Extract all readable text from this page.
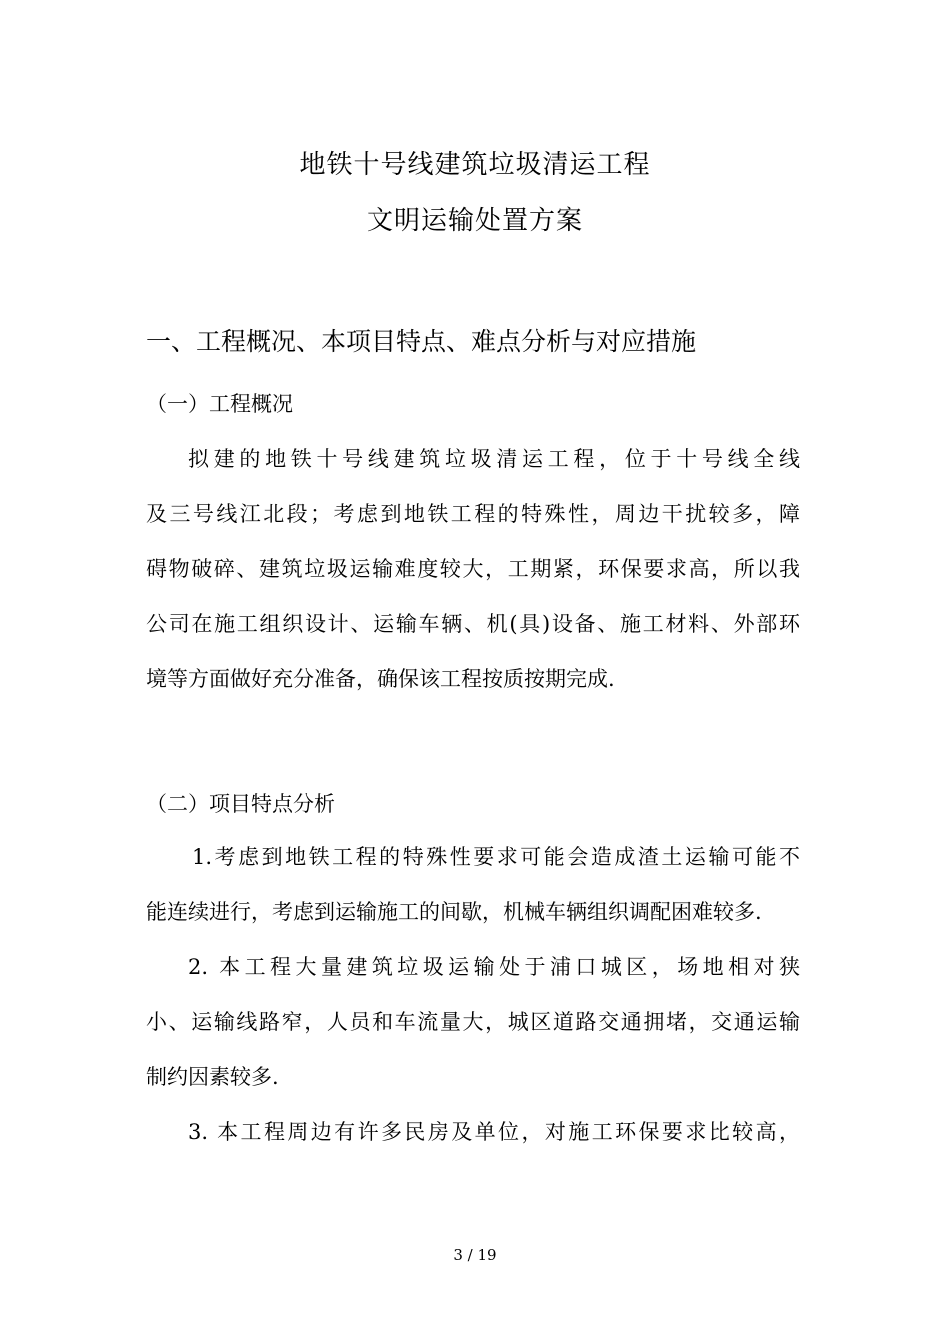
地铁十号线建筑垃圾清运工程
文明运输处置方案
一、工程概况、本项目特点、难点分析与对应措施
（一）工程概况
拟建的地铁十号线建筑垃圾清运工程，位于十号线全线
及三号线江北段；考虑到地铁工程的特殊性，周边干扰较多，障
碍物破碎、建筑垃圾运输难度较大，工期紧，环保要求高，所以我
公司在施工组织设计、运输车辆、机(具)设备、施工材料、外部环
境等方面做好充分准备，确保该工程按质按期完成.
（二）项目特点分析
1.考虑到地铁工程的特殊性要求可能会造成渣土运输可能不
能连续进行，考虑到运输施工的间歇，机械车辆组织调配困难较多.
2. 本工程大量建筑垃圾运输处于浦口城区，场地相对狭
小、运输线路窄，人员和车流量大，城区道路交通拥堵，交通运输
制约因素较多.
3. 本工程周边有许多民房及单位，对施工环保要求比较高，
3 / 19
